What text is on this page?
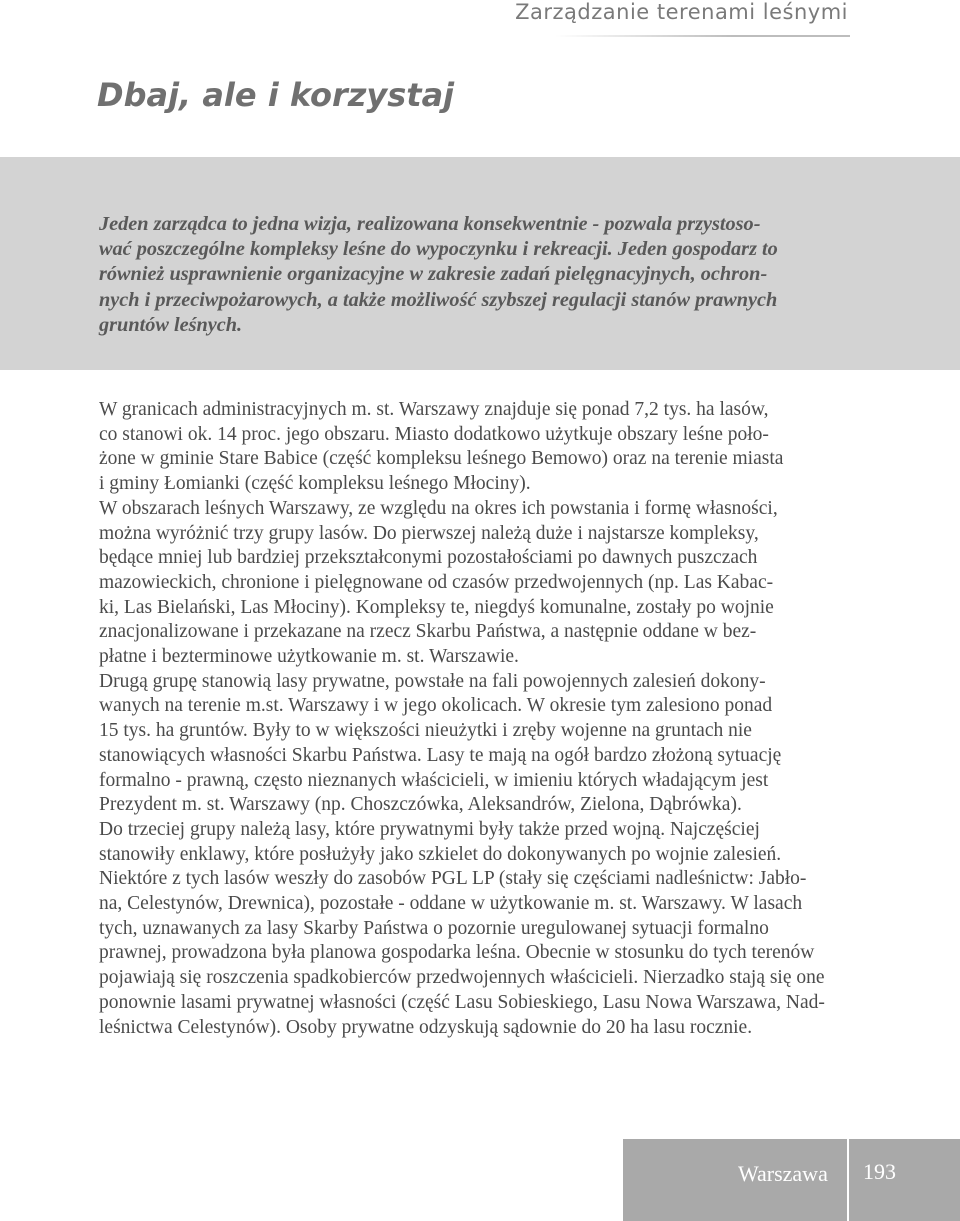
Zarządzanie terenami leśnymi
Dbaj, ale i korzystaj
Jeden zarządca to jedna wizja, realizowana konsekwentnie - pozwala przystoso-
wać poszczególne kompleksy leśne do wypoczynku i rekreacji. Jeden gospodarz to
również usprawnienie organizacyjne w zakresie zadań pielęgnacyjnych, ochron-
nych i przeciwpożarowych, a także możliwość szybszej regulacji stanów prawnych
gruntów leśnych.
W granicach administracyjnych m. st. Warszawy znajduje się ponad 7,2 tys. ha lasów,
co stanowi ok. 14 proc. jego obszaru. Miasto dodatkowo użytkuje obszary leśne poło-
żone w gminie Stare Babice (część kompleksu leśnego Bemowo) oraz na terenie miasta
i gminy Łomianki (część kompleksu leśnego Młociny).
W obszarach leśnych Warszawy, ze względu na okres ich powstania i formę własności,
można wyróżnić trzy grupy lasów. Do pierwszej należą duże i najstarsze kompleksy,
będące mniej lub bardziej przekształconymi pozostałościami po dawnych puszczach
mazowieckich, chronione i pielęgnowane od czasów przedwojennych (np. Las Kabac-
ki, Las Bielański, Las Młociny). Kompleksy te, niegdyś komunalne, zostały po wojnie
znacjonalizowane i przekazane na rzecz Skarbu Państwa, a następnie oddane w bez-
płatne i bezterminowe użytkowanie m. st. Warszawie.
Drugą grupę stanowią lasy prywatne, powstałe na fali powojennych zalesień dokony-
wanych na terenie m.st. Warszawy i w jego okolicach. W okresie tym zalesiono ponad
15 tys. ha gruntów. Były to w większości nieużytki i zręby wojenne na gruntach nie
stanowiących własności Skarbu Państwa. Lasy te mają na ogół bardzo złożoną sytuację
formalno - prawną, często nieznanych właścicieli, w imieniu których władającym jest
Prezydent m. st. Warszawy (np. Choszczówka, Aleksandrów, Zielona, Dąbrówka).
Do trzeciej grupy należą lasy, które prywatnymi były także przed wojną. Najczęściej
stanowiły enklawy, które posłużyły jako szkielet do dokonywanych po wojnie zalesień.
Niektóre z tych lasów weszły do zasobów PGL LP (stały się częściami nadleśnictw: Jabło-
na, Celestynów, Drewnica), pozostałe - oddane w użytkowanie m. st. Warszawy. W lasach
tych, uznawanych za lasy Skarby Państwa o pozornie uregulowanej sytuacji formalno
prawnej, prowadzona była planowa gospodarka leśna. Obecnie w stosunku do tych terenów
pojawiają się roszczenia spadkobierców przedwojennych właścicieli. Nierzadko stają się one
ponownie lasami prywatnej własności (część Lasu Sobieskiego, Lasu Nowa Warszawa, Nad-
leśnictwa Celestynów). Osoby prywatne odzyskują sądownie do 20 ha lasu rocznie.
Warszawa 193
